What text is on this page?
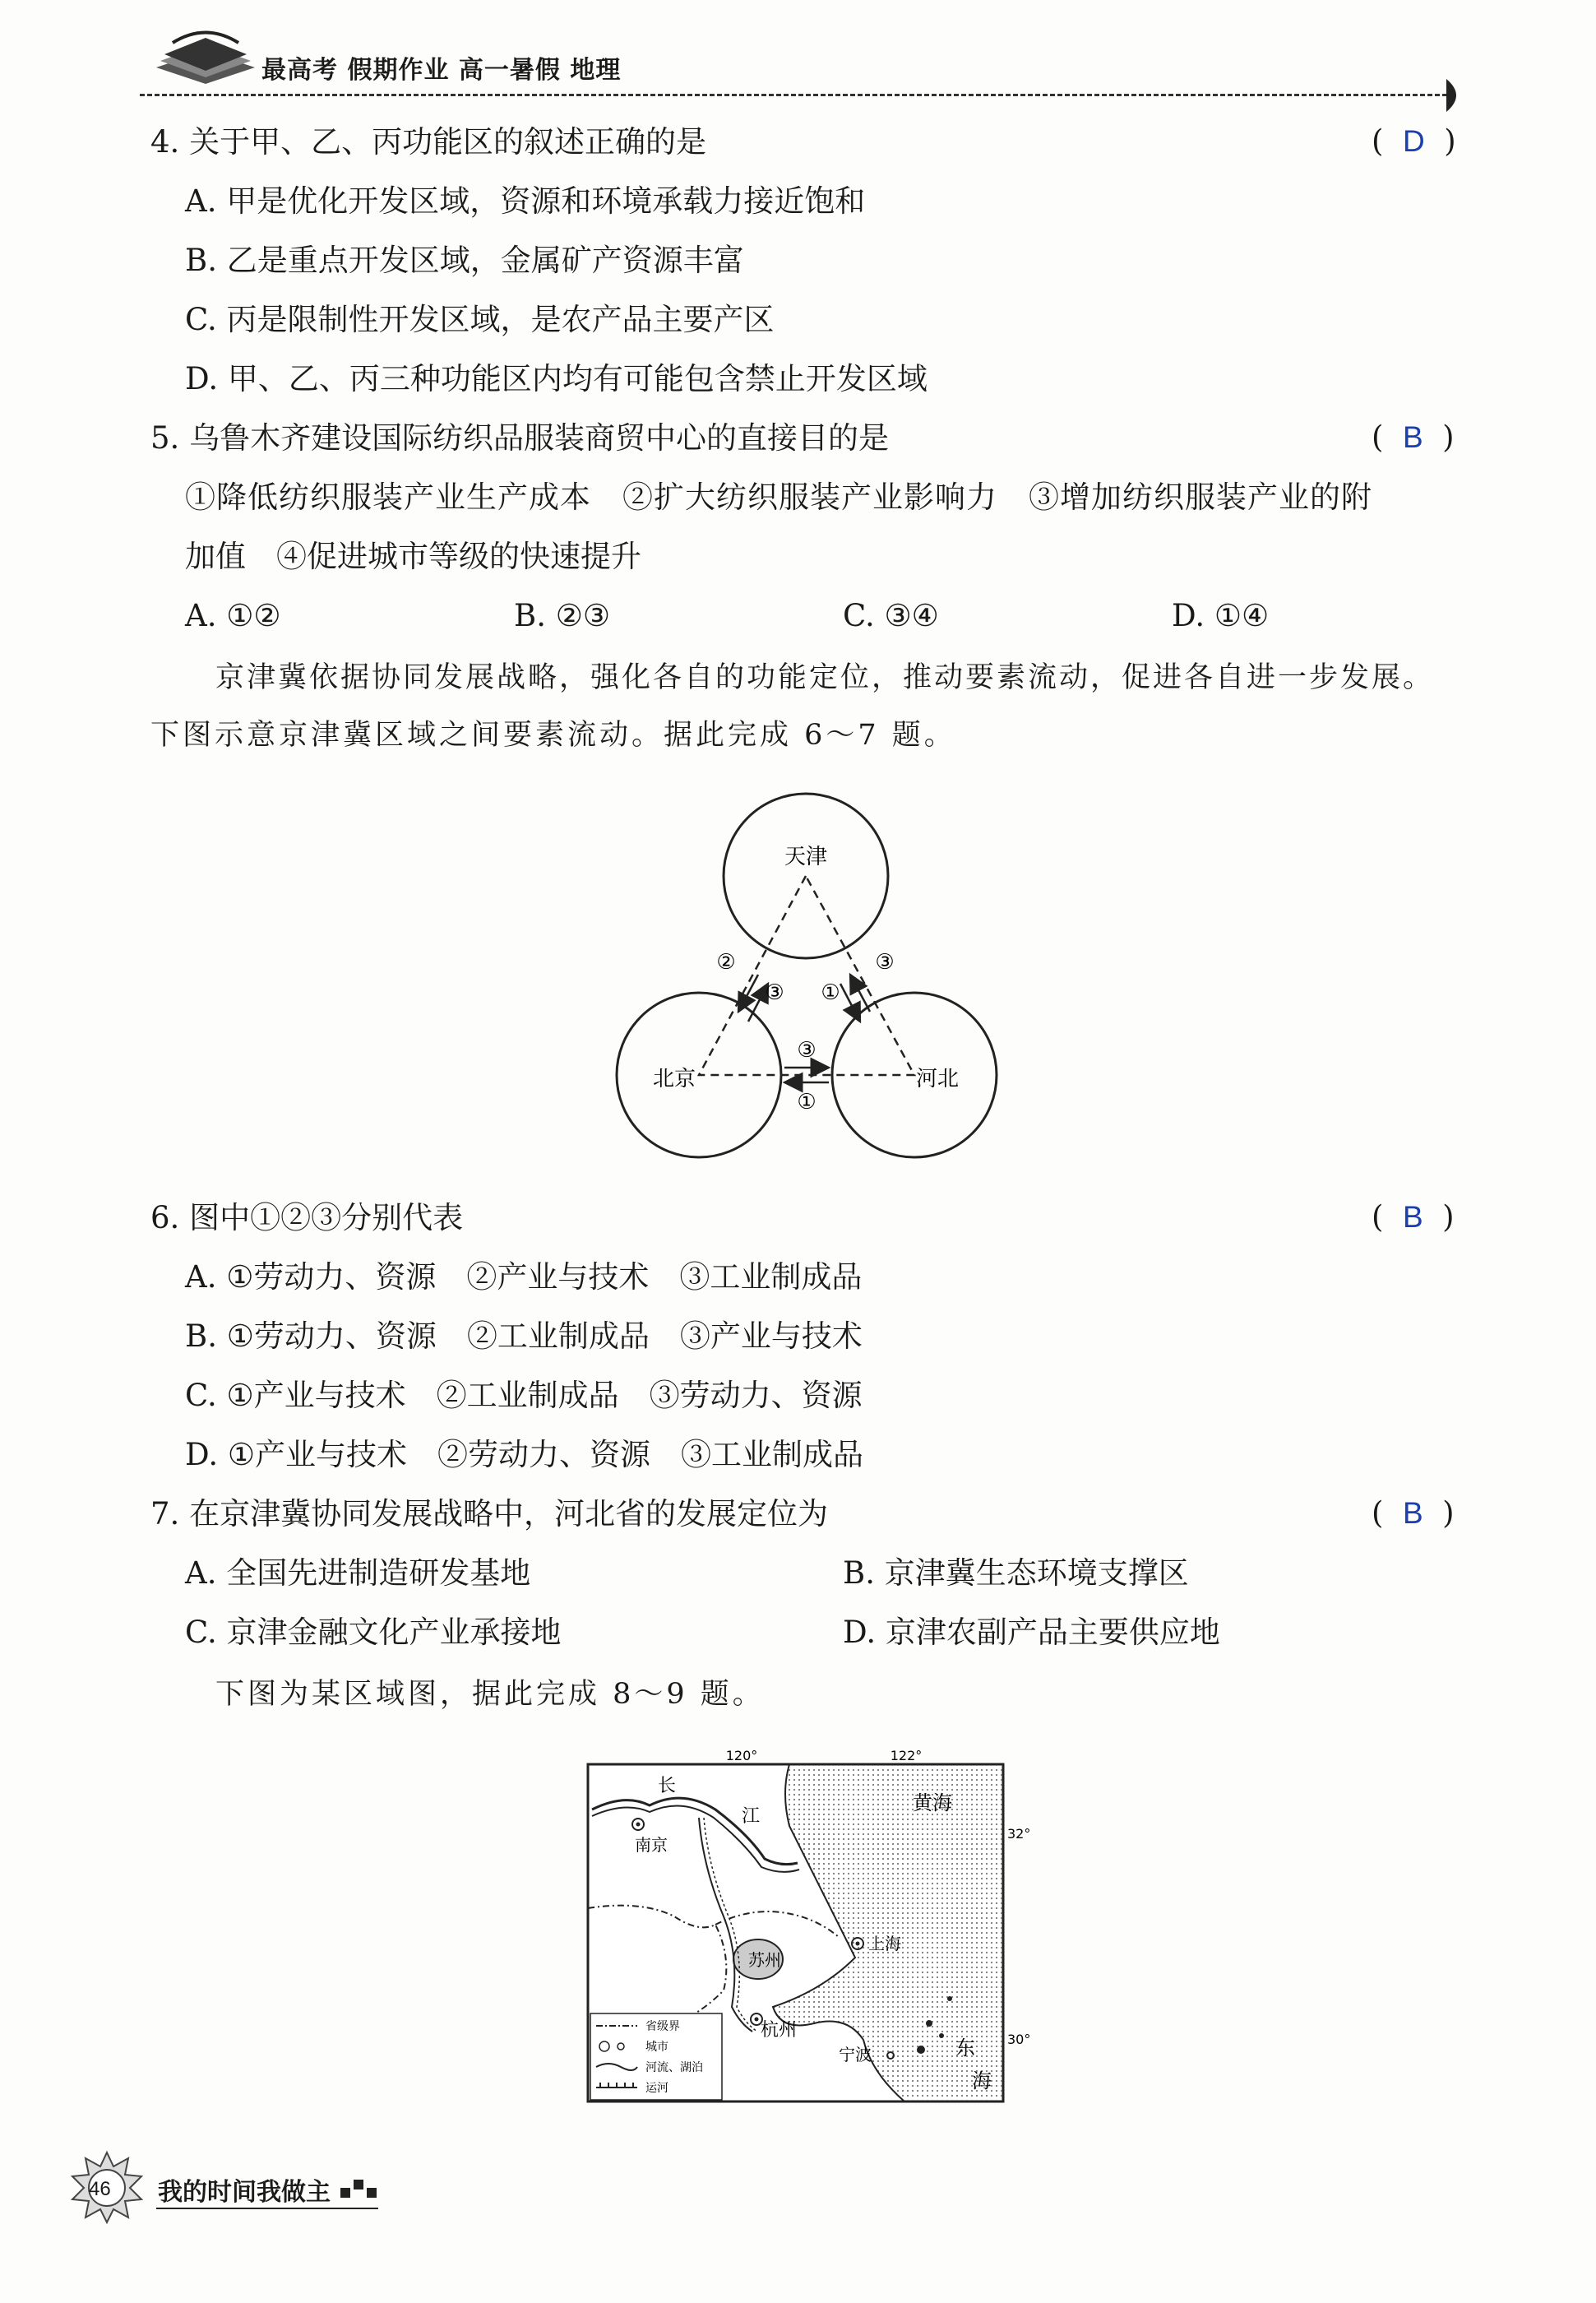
最高考 假期作业 高一暑假 地理
4. 关于甲、乙、丙功能区的叙述正确的是	(  D  )
A. 甲是优化开发区域，资源和环境承载力接近饱和
B. 乙是重点开发区域，金属矿产资源丰富
C. 丙是限制性开发区域，是农产品主要产区
D. 甲、乙、丙三种功能区内均有可能包含禁止开发区域
5. 乌鲁木齐建设国际纺织品服装商贸中心的直接目的是	(  B  )
①降低纺织服装产业生产成本　②扩大纺织服装产业影响力　③增加纺织服装产业的附
加值　④促进城市等级的快速提升
A. ①②	B. ②③	C. ③④	D. ①④
京津冀依据协同发展战略，强化各自的功能定位，推动要素流动，促进各自进一步发展。
下图示意京津冀区域之间要素流动。据此完成 6～7 题。
天津
北京	河北
②
③ ①
③
③
①
6. 图中①②③分别代表	(  B  )
A. ①劳动力、资源　②产业与技术　③工业制成品
B. ①劳动力、资源　②工业制成品　③产业与技术
C. ①产业与技术　②工业制成品　③劳动力、资源
D. ①产业与技术　②劳动力、资源　③工业制成品
7. 在京津冀协同发展战略中，河北省的发展定位为	(  B  )
A. 全国先进制造研发基地	B. 京津冀生态环境支撑区
C. 京津金融文化产业承接地	D. 京津农副产品主要供应地
下图为某区域图，据此完成 8～9 题。
120°	122°
32°
30°
黄海
东
海
长
江
南京
苏州
上海
杭州
宁波
省级界
城市
河流、湖泊
运河
46 我的时间我做主
